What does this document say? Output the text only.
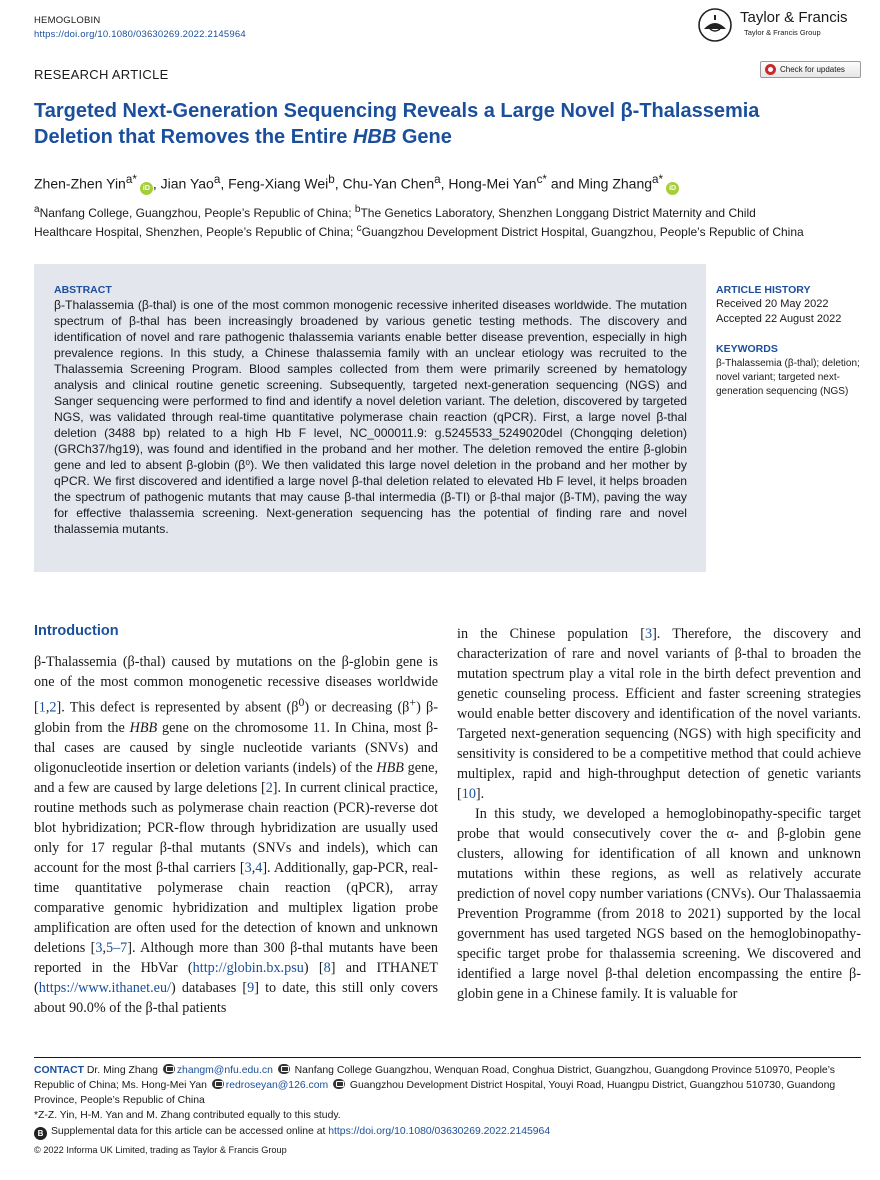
HEMOGLOBIN
https://doi.org/10.1080/03630269.2022.2145964
Taylor & Francis
Taylor & Francis Group
RESEARCH ARTICLE	Check for updates
Targeted Next-Generation Sequencing Reveals a Large Novel β-Thalassemia
Deletion that Removes the Entire HBB Gene
Zhen-Zhen Yin$^{a*}$iD , Jian Yao$^a$, Feng-Xiang Wei$^b$, Chu-Yan Chen$^a$, Hong-Mei Yan$^{c*}$ and Ming Zhang$^{a*}$iD
$^a$Nanfang College, Guangzhou, People’s Republic of China; $^b$The Genetics Laboratory, Shenzhen Longgang District Maternity and Child Healthcare Hospital, Shenzhen, People’s Republic of China; $^c$Guangzhou Development District Hospital, Guangzhou, People’s Republic of China
ABSTRACT

β-Thalassemia (β-thal) is one of the most common monogenic recessive inherited diseases worldwide. The mutation spectrum of β-thal has been increasingly broadened by various genetic testing methods. The discovery and identification of novel and rare pathogenic thalassemia variants enable better disease prevention, especially in high prevalence regions. In this study, a Chinese thalassemia family with an unclear etiology was recruited to the Thalassemia Screening Program. Blood samples collected from them were primarily screened by hematology analysis and clinical routine genetic screening. Subsequently, targeted next-generation sequencing (NGS) and Sanger sequencing were performed to find and identify a novel deletion variant. The deletion, discovered by targeted NGS, was validated through real-time quantitative polymerase chain reaction (qPCR). First, a large novel β-thal deletion (3488 bp) related to a high Hb F level, NC_000011.9: g.5245533_5249020del (Chongqing deletion) (GRCh37/hg19), was found and identified in the proband and her mother. The deletion removed the entire β-globin gene and led to absent β-globin (β⁰). We then validated this large novel deletion in the proband and her mother by qPCR. We first discovered and identified a large novel β-thal deletion related to elevated Hb F level, it helps broaden the spectrum of pathogenic mutants that may cause β-thal intermedia (β-TI) or β-thal major (β-TM), paving the way for effective thalassemia screening. Next-generation sequencing has the potential of finding rare and novel thalassemia mutants.

ARTICLE HISTORY
Received 20 May 2022
Accepted 22 August 2022
KEYWORDS
β-Thalassemia (β-thal); deletion; novel variant; targeted next-generation sequencing (NGS)
Introduction
β-Thalassemia (β-thal) caused by mutations on the β-globin gene is one of the most common monogenetic recessive diseases worldwide [1,2]. This defect is represented by absent $(\beta^0)$ or decreasing (β+) β-globin from the HBB gene on the chromosome 11. In China, most β-thal cases are caused by single nucleotide variants (SNVs) and oligonucleotide insertion or deletion variants (indels) of the HBB gene, and a few are caused by large deletions [2]. In current clinical practice, routine methods such as polymerase chain reaction (PCR)-reverse dot blot hybridization; PCR-flow through hybridization are usually used only for 17 regular β-thal mutants (SNVs and indels), which can account for the most β-thal carriers [3,4]. Additionally, gap-PCR, real-time quantitative polymerase chain reaction (qPCR), array comparative genomic hybridization and multiplex ligation probe amplification are often used for the detection of known and unknown deletions [3,5–7]. Although more than 300 β-thal mutants have been reported in the HbVar (http://globin.bx.psu) [8] and ITHANET (https://www.ithanet.eu/) databases [9] to date, this still only covers about 90.0% of the β-thal patients

in the Chinese population [3]. Therefore, the discovery and characterization of rare and novel variants of β-thal to broaden the mutation spectrum play a vital role in the birth defect prevention and genetic counseling process. Efficient and faster screening strategies would enable better discovery and identification of the novel variants. Targeted next-generation sequencing (NGS) with high specificity and sensitivity is considered to be a competitive method that could achieve multiplex, rapid and high-throughput detection of genetic variants [10].

In this study, we developed a hemoglobinopathy-specific target probe that would consecutively cover the α- and β-globin gene clusters, allowing for identification of all known and unknown mutations within these regions, as well as relatively accurate prediction of novel copy number variations (CNVs). Our Thalassaemia Prevention Programme (from 2018 to 2021) supported by the local government has used targeted NGS based on the hemoglobinopathy-specific target probe for thalassemia screening. We discovered and identified a large novel β-thal deletion encompassing the entire β-globin gene in a Chinese family. It is valuable for

CONTACT Dr. Ming Zhang zhangm@nfu.edu.cn  Nanfang College Guangzhou, Wenquan Road, Conghua District, Guangzhou, Guangdong Province 510970, People’s Republic of China; Ms. Hong-Mei Yan redroseyan@126.com  Guangzhou Development District Hospital, Youyi Road, Huangpu District, Guangzhou 510730, Guandong Province, People’s Republic of China
*Z-Z. Yin, H-M. Yan and M. Zhang contributed equally to this study.
B Supplemental data for this article can be accessed online at https://doi.org/10.1080/03630269.2022.2145964
© 2022 Informa UK Limited, trading as Taylor & Francis Group
